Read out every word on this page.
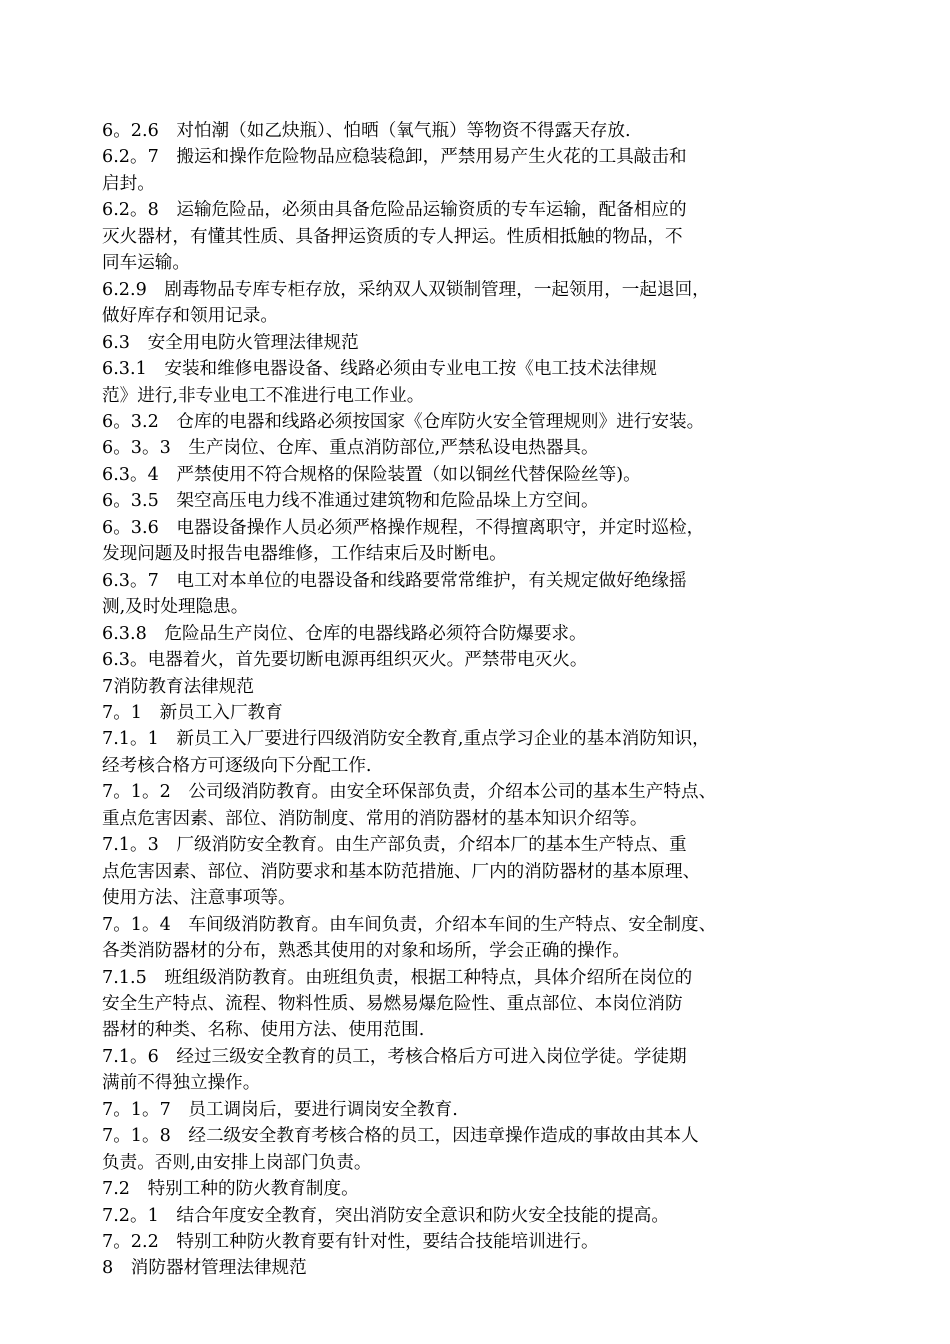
6。2.6　对怕潮（如乙炔瓶）、怕晒（氧气瓶）等物资不得露天存放.
6.2。7　搬运和操作危险物品应稳装稳卸，严禁用易产生火花的工具敲击和
启封。
6.2。8　运输危险品，必须由具备危险品运输资质的专车运输，配备相应的
灭火器材，有懂其性质、具备押运资质的专人押运。性质相抵触的物品，不
同车运输。
6.2.9　剧毒物品专库专柜存放，采纳双人双锁制管理，一起领用，一起退回，
做好库存和领用记录。
6.3　安全用电防火管理法律规范
6.3.1　安装和维修电器设备、线路必须由专业电工按《电工技术法律规
范》进行,非专业电工不准进行电工作业。
6。3.2　仓库的电器和线路必须按国家《仓库防火安全管理规则》进行安装。
6。3。3　生产岗位、仓库、重点消防部位,严禁私设电热器具。
6.3。4　严禁使用不符合规格的保险装置（如以铜丝代替保险丝等)。
6。3.5　架空高压电力线不准通过建筑物和危险品垛上方空间。
6。3.6　电器设备操作人员必须严格操作规程，不得擅离职守，并定时巡检，
发现问题及时报告电器维修，工作结束后及时断电。
6.3。7　电工对本单位的电器设备和线路要常常维护，有关规定做好绝缘摇
测,及时处理隐患。
6.3.8　危险品生产岗位、仓库的电器线路必须符合防爆要求。
6.3。电器着火，首先要切断电源再组织灭火。严禁带电灭火。
7消防教育法律规范
7。1　新员工入厂教育
7.1。1　新员工入厂要进行四级消防安全教育,重点学习企业的基本消防知识，
经考核合格方可逐级向下分配工作.
7。1。2　公司级消防教育。由安全环保部负责，介绍本公司的基本生产特点、
重点危害因素、部位、消防制度、常用的消防器材的基本知识介绍等。
7.1。3　厂级消防安全教育。由生产部负责，介绍本厂的基本生产特点、重
点危害因素、部位、消防要求和基本防范措施、厂内的消防器材的基本原理、
使用方法、注意事项等。
7。1。4　车间级消防教育。由车间负责，介绍本车间的生产特点、安全制度、
各类消防器材的分布，熟悉其使用的对象和场所，学会正确的操作。
7.1.5　班组级消防教育。由班组负责，根据工种特点，具体介绍所在岗位的
安全生产特点、流程、物料性质、易燃易爆危险性、重点部位、本岗位消防
器材的种类、名称、使用方法、使用范围.
7.1。6　经过三级安全教育的员工，考核合格后方可进入岗位学徒。学徒期
满前不得独立操作。
7。1。7　员工调岗后，要进行调岗安全教育.
7。1。8　经二级安全教育考核合格的员工，因违章操作造成的事故由其本人
负责。否则,由安排上岗部门负责。
7.2　特别工种的防火教育制度。
7.2。1　结合年度安全教育，突出消防安全意识和防火安全技能的提高。
7。2.2　特别工种防火教育要有针对性，要结合技能培训进行。
8　消防器材管理法律规范
